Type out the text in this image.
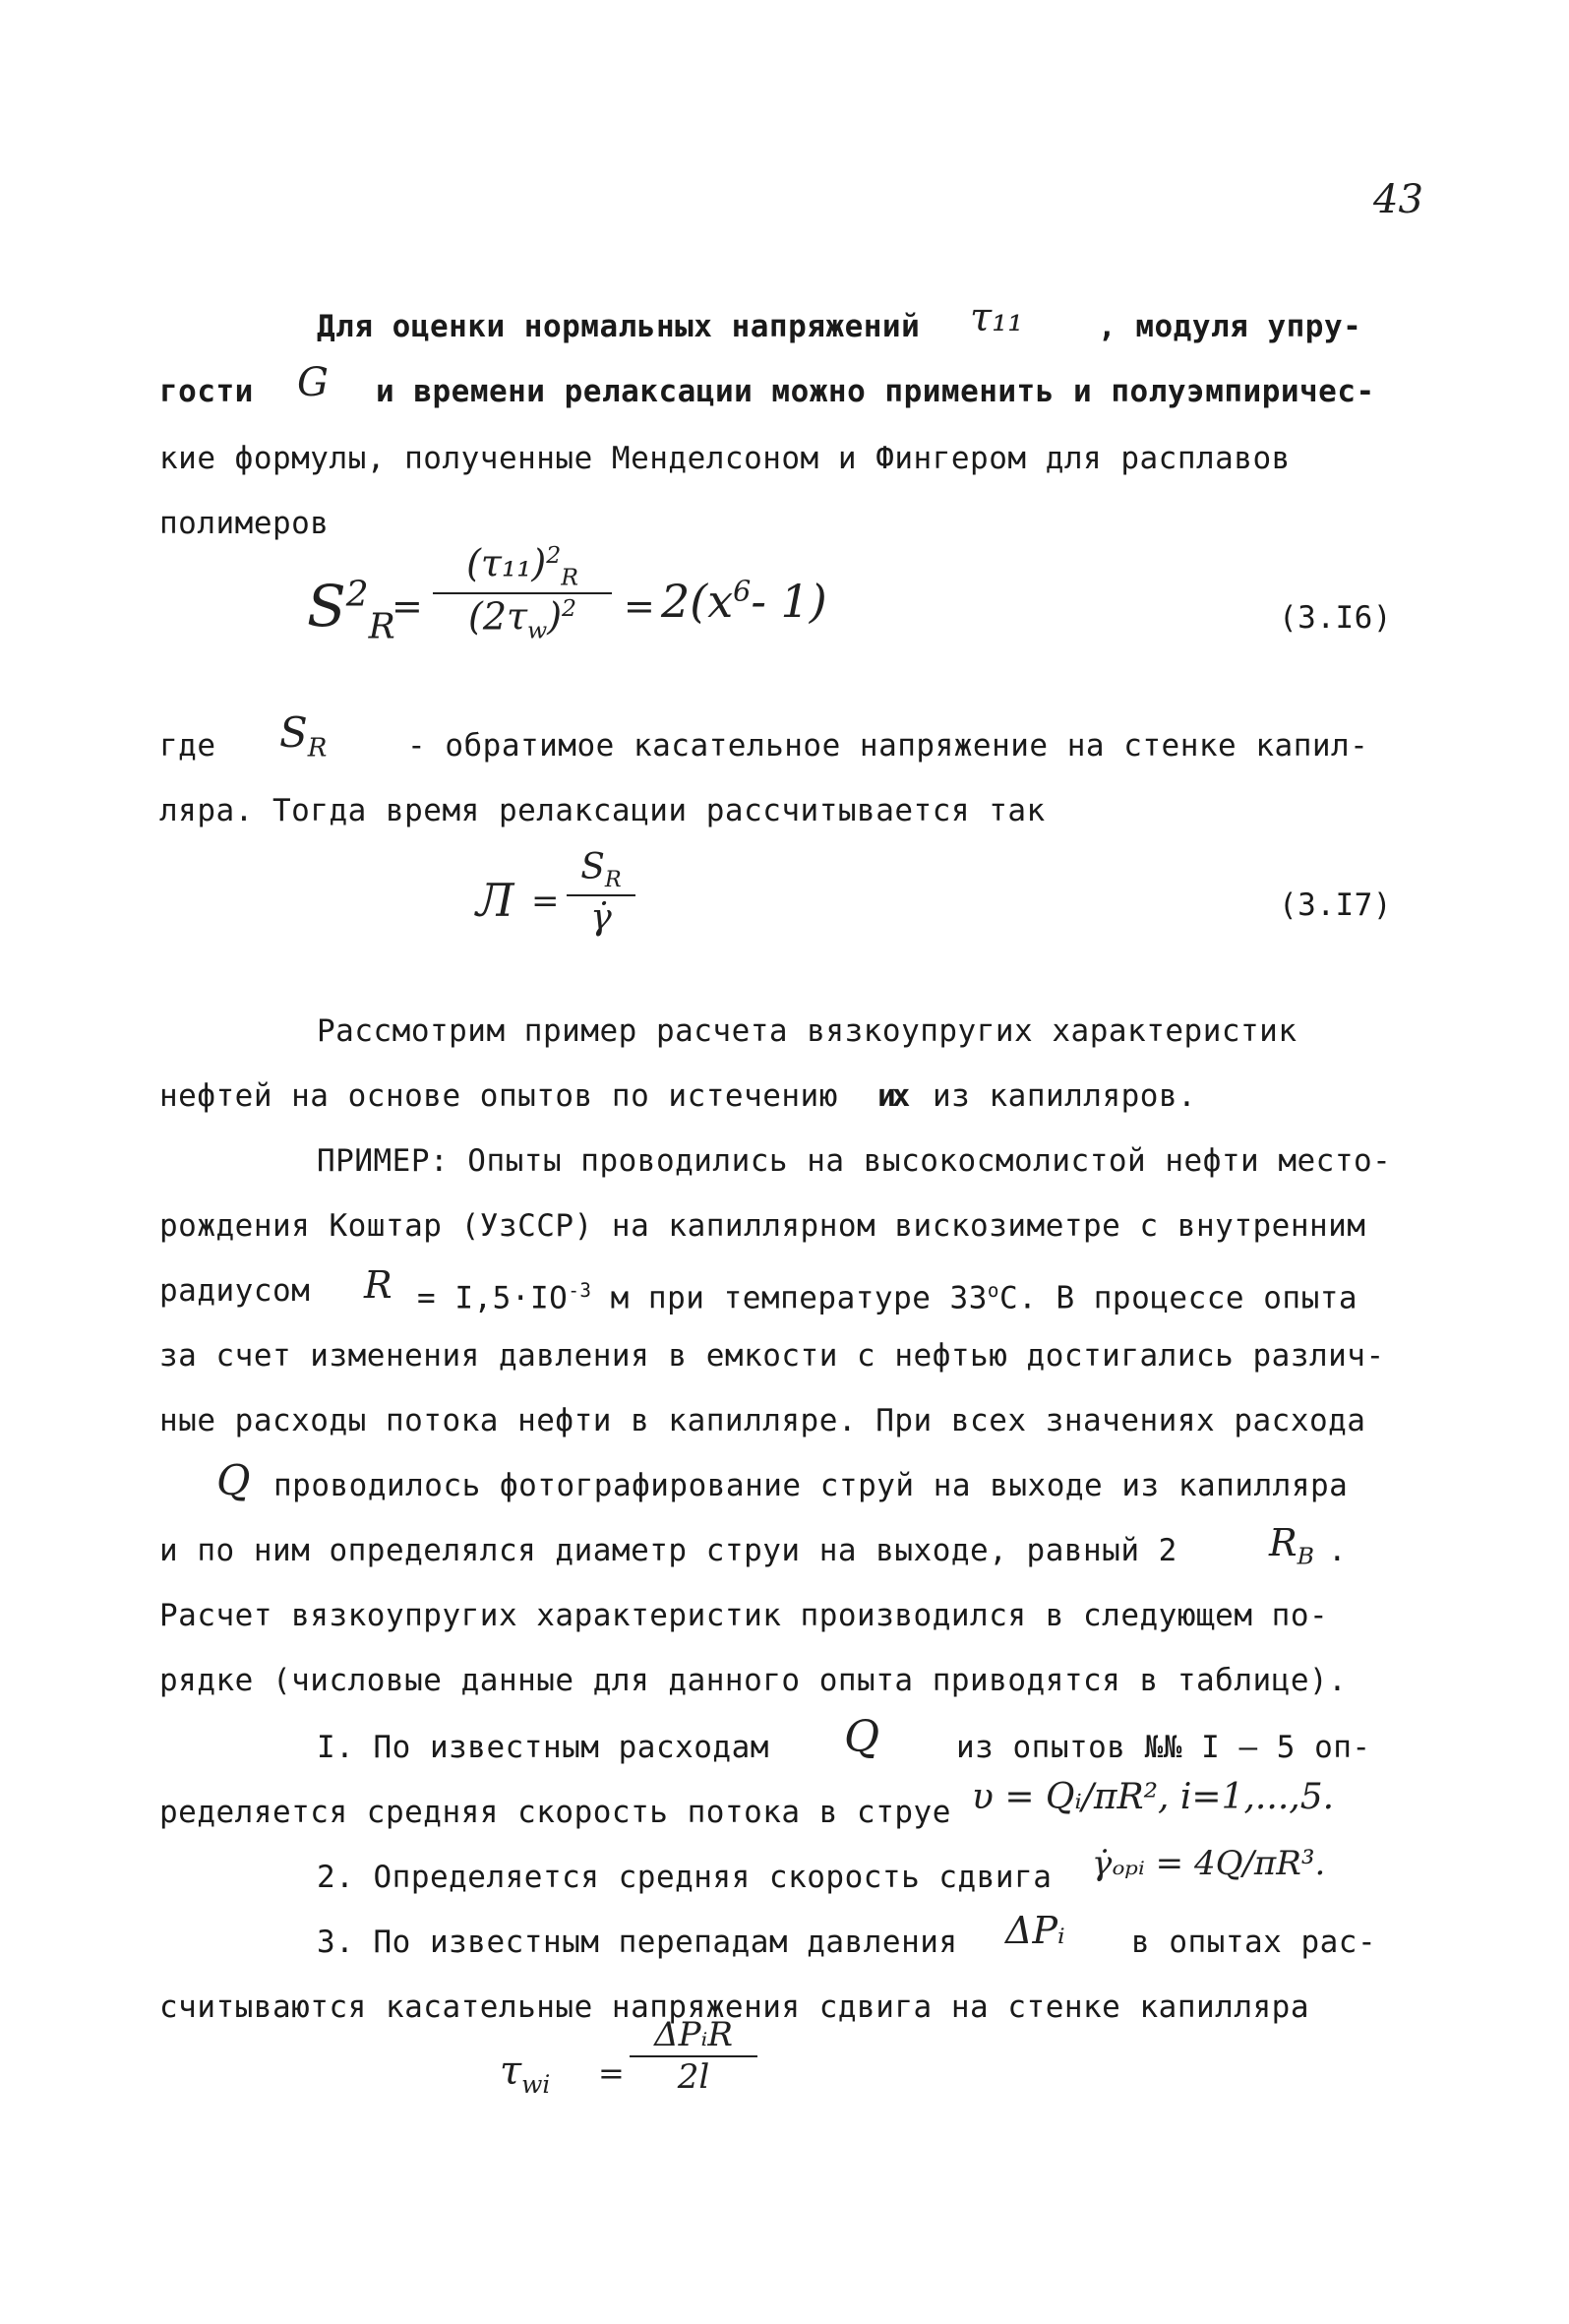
43
Для оценки нормальных напряжений τ₁₁ , модуля упру-
гости G и времени релаксации можно применить и полуэмпиричес-
кие формулы, полученные Менделсоном и Фингером для расплавов
полимеров
$S^2_R$
=
$(\tau_{11})^2_R$
$(2\tau_w)^2$	= $2(x^6-$ 1)	(3.I6)
где $S_R$	- обратимое касательное напряжение на стенке капил-
ляра. Тогда время релаксации рассчитывается так
Л =
$S_R$
γ̇	(3.I7)
Рассмотрим пример расчета вязкоупругих характеристик
нефтей на основе опытов по истечению их из капилляров.
ПРИМЕР: Опыты проводились на высокосмолистой нефти место-
рождения Коштар (УзССР) на капиллярном вискозиметре с внутренним
радиусом $R = I,5\cdot IO^{-3}$ м при температуре 33$^o$С. В процессе опыта
за счет изменения давления в емкости с нефтью достигались различ-
ные расходы потока нефти в капилляре. При всех значениях расхода
Q проводилось фотографирование струй на выходе из капилляра
и по ним определялся диаметр струи на выходе, равный 2 $R_B$ .
Расчет вязкоупругих характеристик производился в следующем по-
рядке (числовые данные для данного опыта приводятся в таблице).
I. По известным расходам Q	из опытов №№ I – 5 оп-
ределяется средняя скорость потока в струе υ = Qᵢ/πR², i=1,...,5.
2. Определяется средняя скорость сдвига γ̇ₒₚᵢ = 4Q/πR³.
3. По известным перепадам давления ΔPᵢ в опытах рас-
считываются касательные напряжения сдвига на стенке капилляра
$\tau_{wi}$ =
ΔPᵢR
2l
